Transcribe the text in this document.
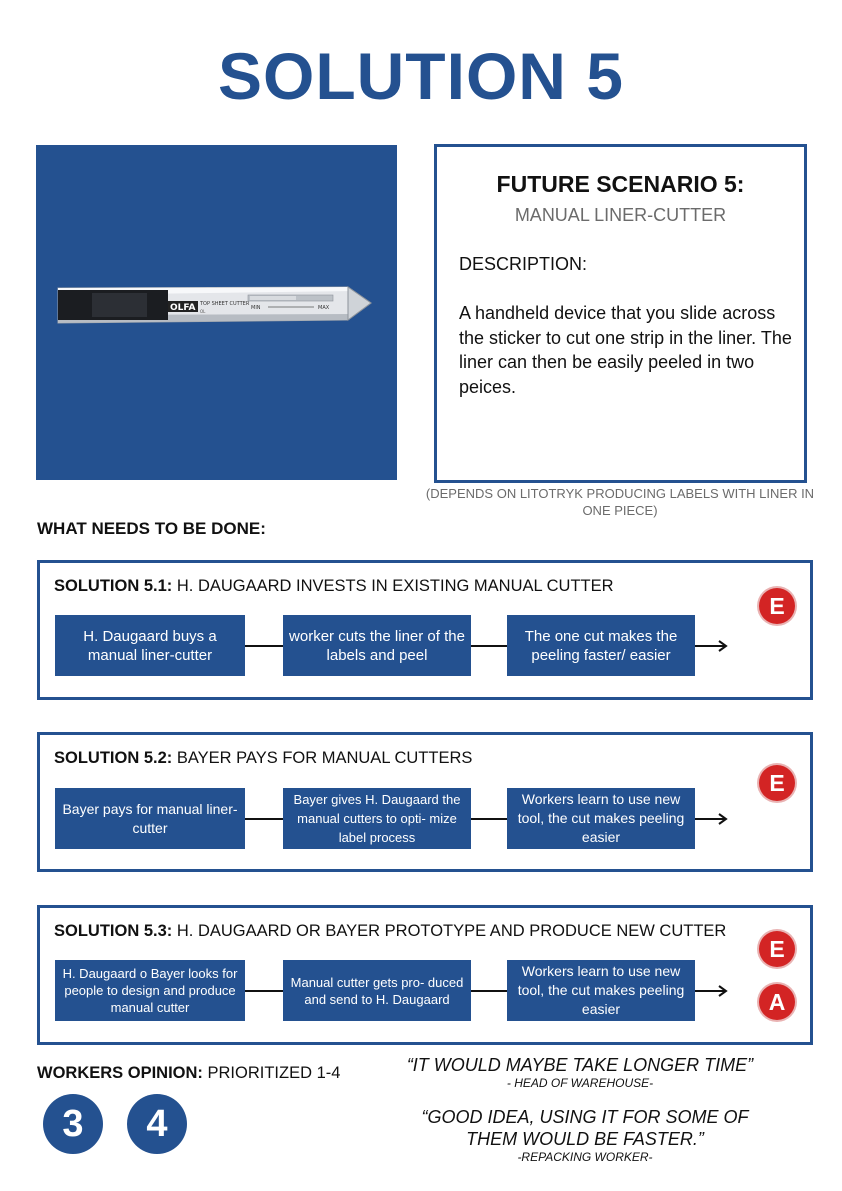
SOLUTION 5
OLFA TOP SHEET CUTTER
OL
MIN	MAX
FUTURE SCENARIO 5:
MANUAL LINER-CUTTER
DESCRIPTION:
A handheld device that you slide across the sticker to cut one strip in the liner. The liner can then be easily peeled in two peices.
(DEPENDS ON LITOTRYK PRODUCING LABELS WITH LINER IN ONE PIECE)
WHAT NEEDS TO BE DONE:
SOLUTION 5.1: H. DAUGAARD INVESTS IN EXISTING MANUAL CUTTER
H. Daugaard buys a manual liner-cutter
worker cuts the liner of the labels and peel
The one cut makes the peeling faster/ easier
E
SOLUTION 5.2: BAYER PAYS FOR MANUAL CUTTERS
Bayer pays for manual liner-cutter
Bayer gives H. Daugaard the manual cutters to opti- mize label process
Workers learn to use new tool, the cut makes peeling easier
E
SOLUTION 5.3: H. DAUGAARD OR BAYER PROTOTYPE AND PRODUCE NEW CUTTER
H. Daugaard o Bayer looks for people to design and produce manual cutter
Manual cutter gets pro- duced and send to H. Daugaard
Workers learn to use new tool, the cut makes peeling easier
E
A
WORKERS OPINION: PRIORITIZED 1-4
3	4
“IT WOULD MAYBE TAKE LONGER TIME”
- HEAD OF WAREHOUSE-
“GOOD IDEA, USING IT FOR SOME OF THEM WOULD BE FASTER.”
-REPACKING WORKER-
